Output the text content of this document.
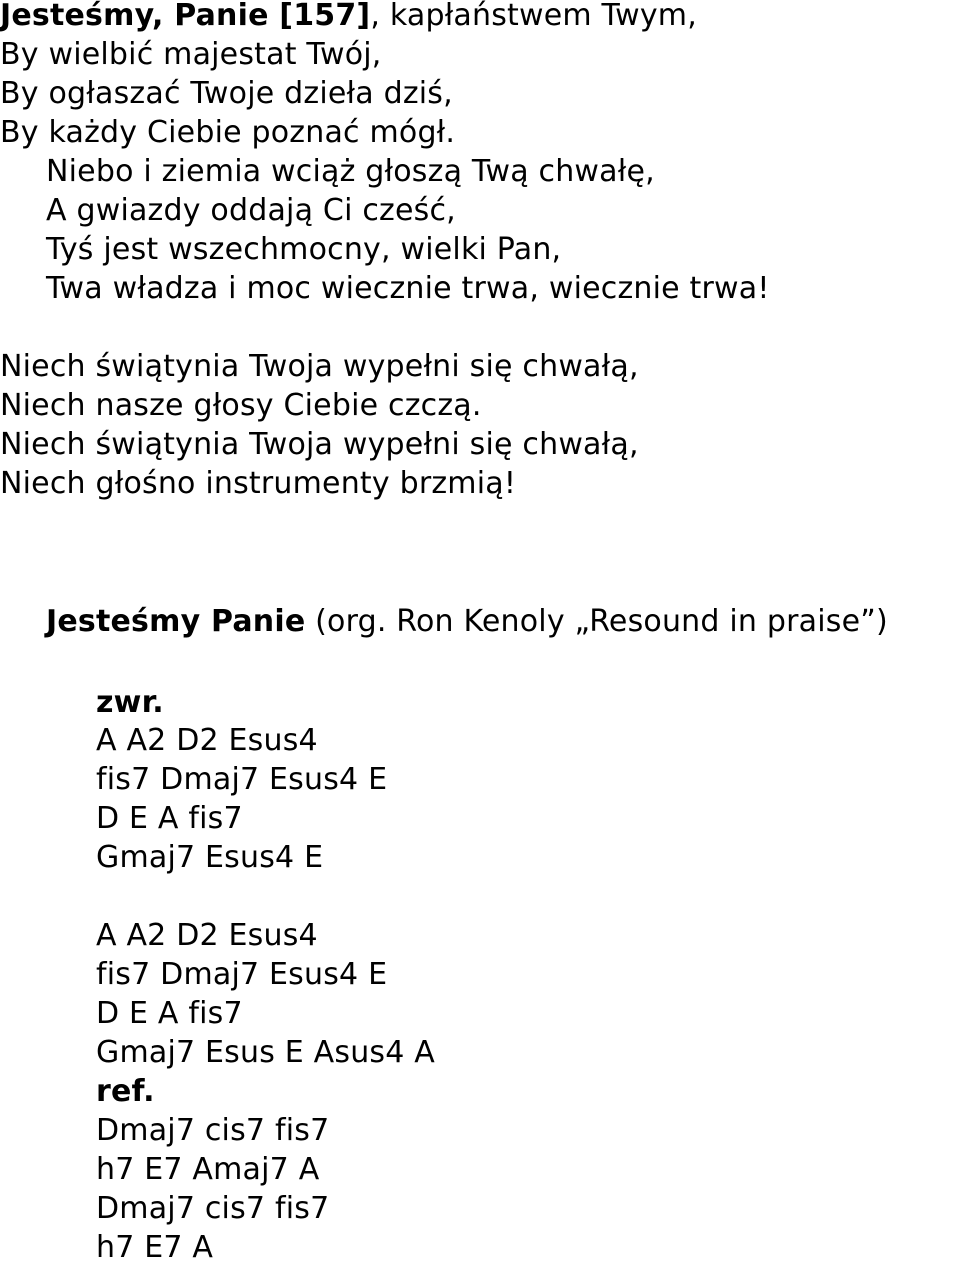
Jesteśmy, Panie [157], kapłaństwem Twym,
By wielbić majestat Twój,
By ogłaszać Twoje dzieła dziś,
By każdy Ciebie poznać mógł.
Niebo i ziemia wciąż głoszą Twą chwałę,
A gwiazdy oddają Ci cześć,
Tyś jest wszechmocny, wielki Pan,
Twa władza i moc wiecznie trwa, wiecznie trwa!
Niech świątynia Twoja wypełni się chwałą,
Niech nasze głosy Ciebie czczą.
Niech świątynia Twoja wypełni się chwałą,
Niech głośno instrumenty brzmią!
Jesteśmy Panie (org. Ron Kenoly „Resound in praise”)
zwr.
A A2 D2 Esus4
fis7 Dmaj7 Esus4 E
D E A fis7
Gmaj7 Esus4 E
A A2 D2 Esus4
fis7 Dmaj7 Esus4 E
D E A fis7
Gmaj7 Esus E Asus4 A
ref.
Dmaj7 cis7 fis7
h7 E7 Amaj7 A
Dmaj7 cis7 fis7
h7 E7 A
